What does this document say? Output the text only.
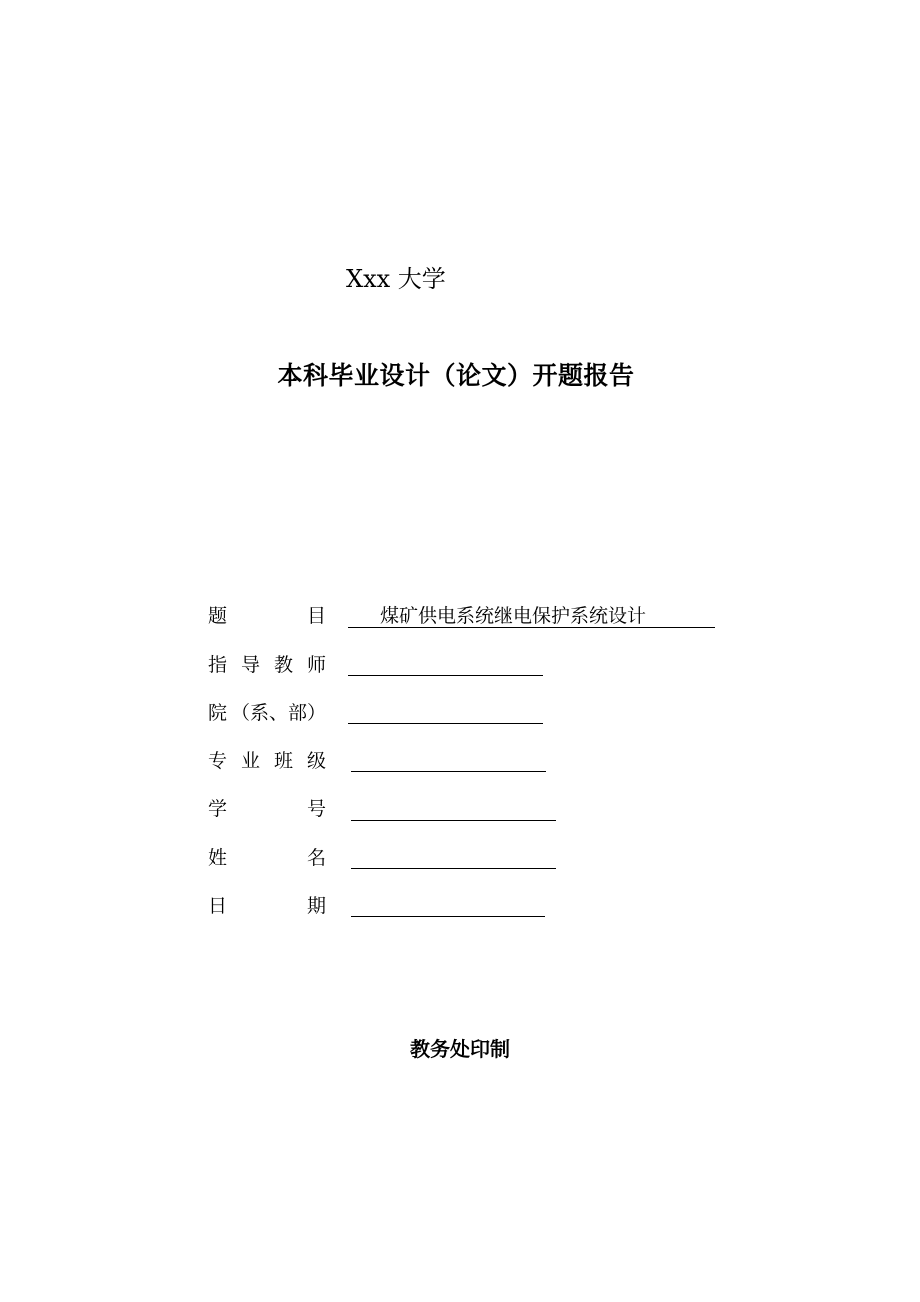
Xxx 大学
本科毕业设计（论文）开题报告
题	目	煤矿供电系统继电保护系统设计
指 导 教 师
院 （系、部）
专 业 班 级
学	号
姓	名
日	期
教务处印制
